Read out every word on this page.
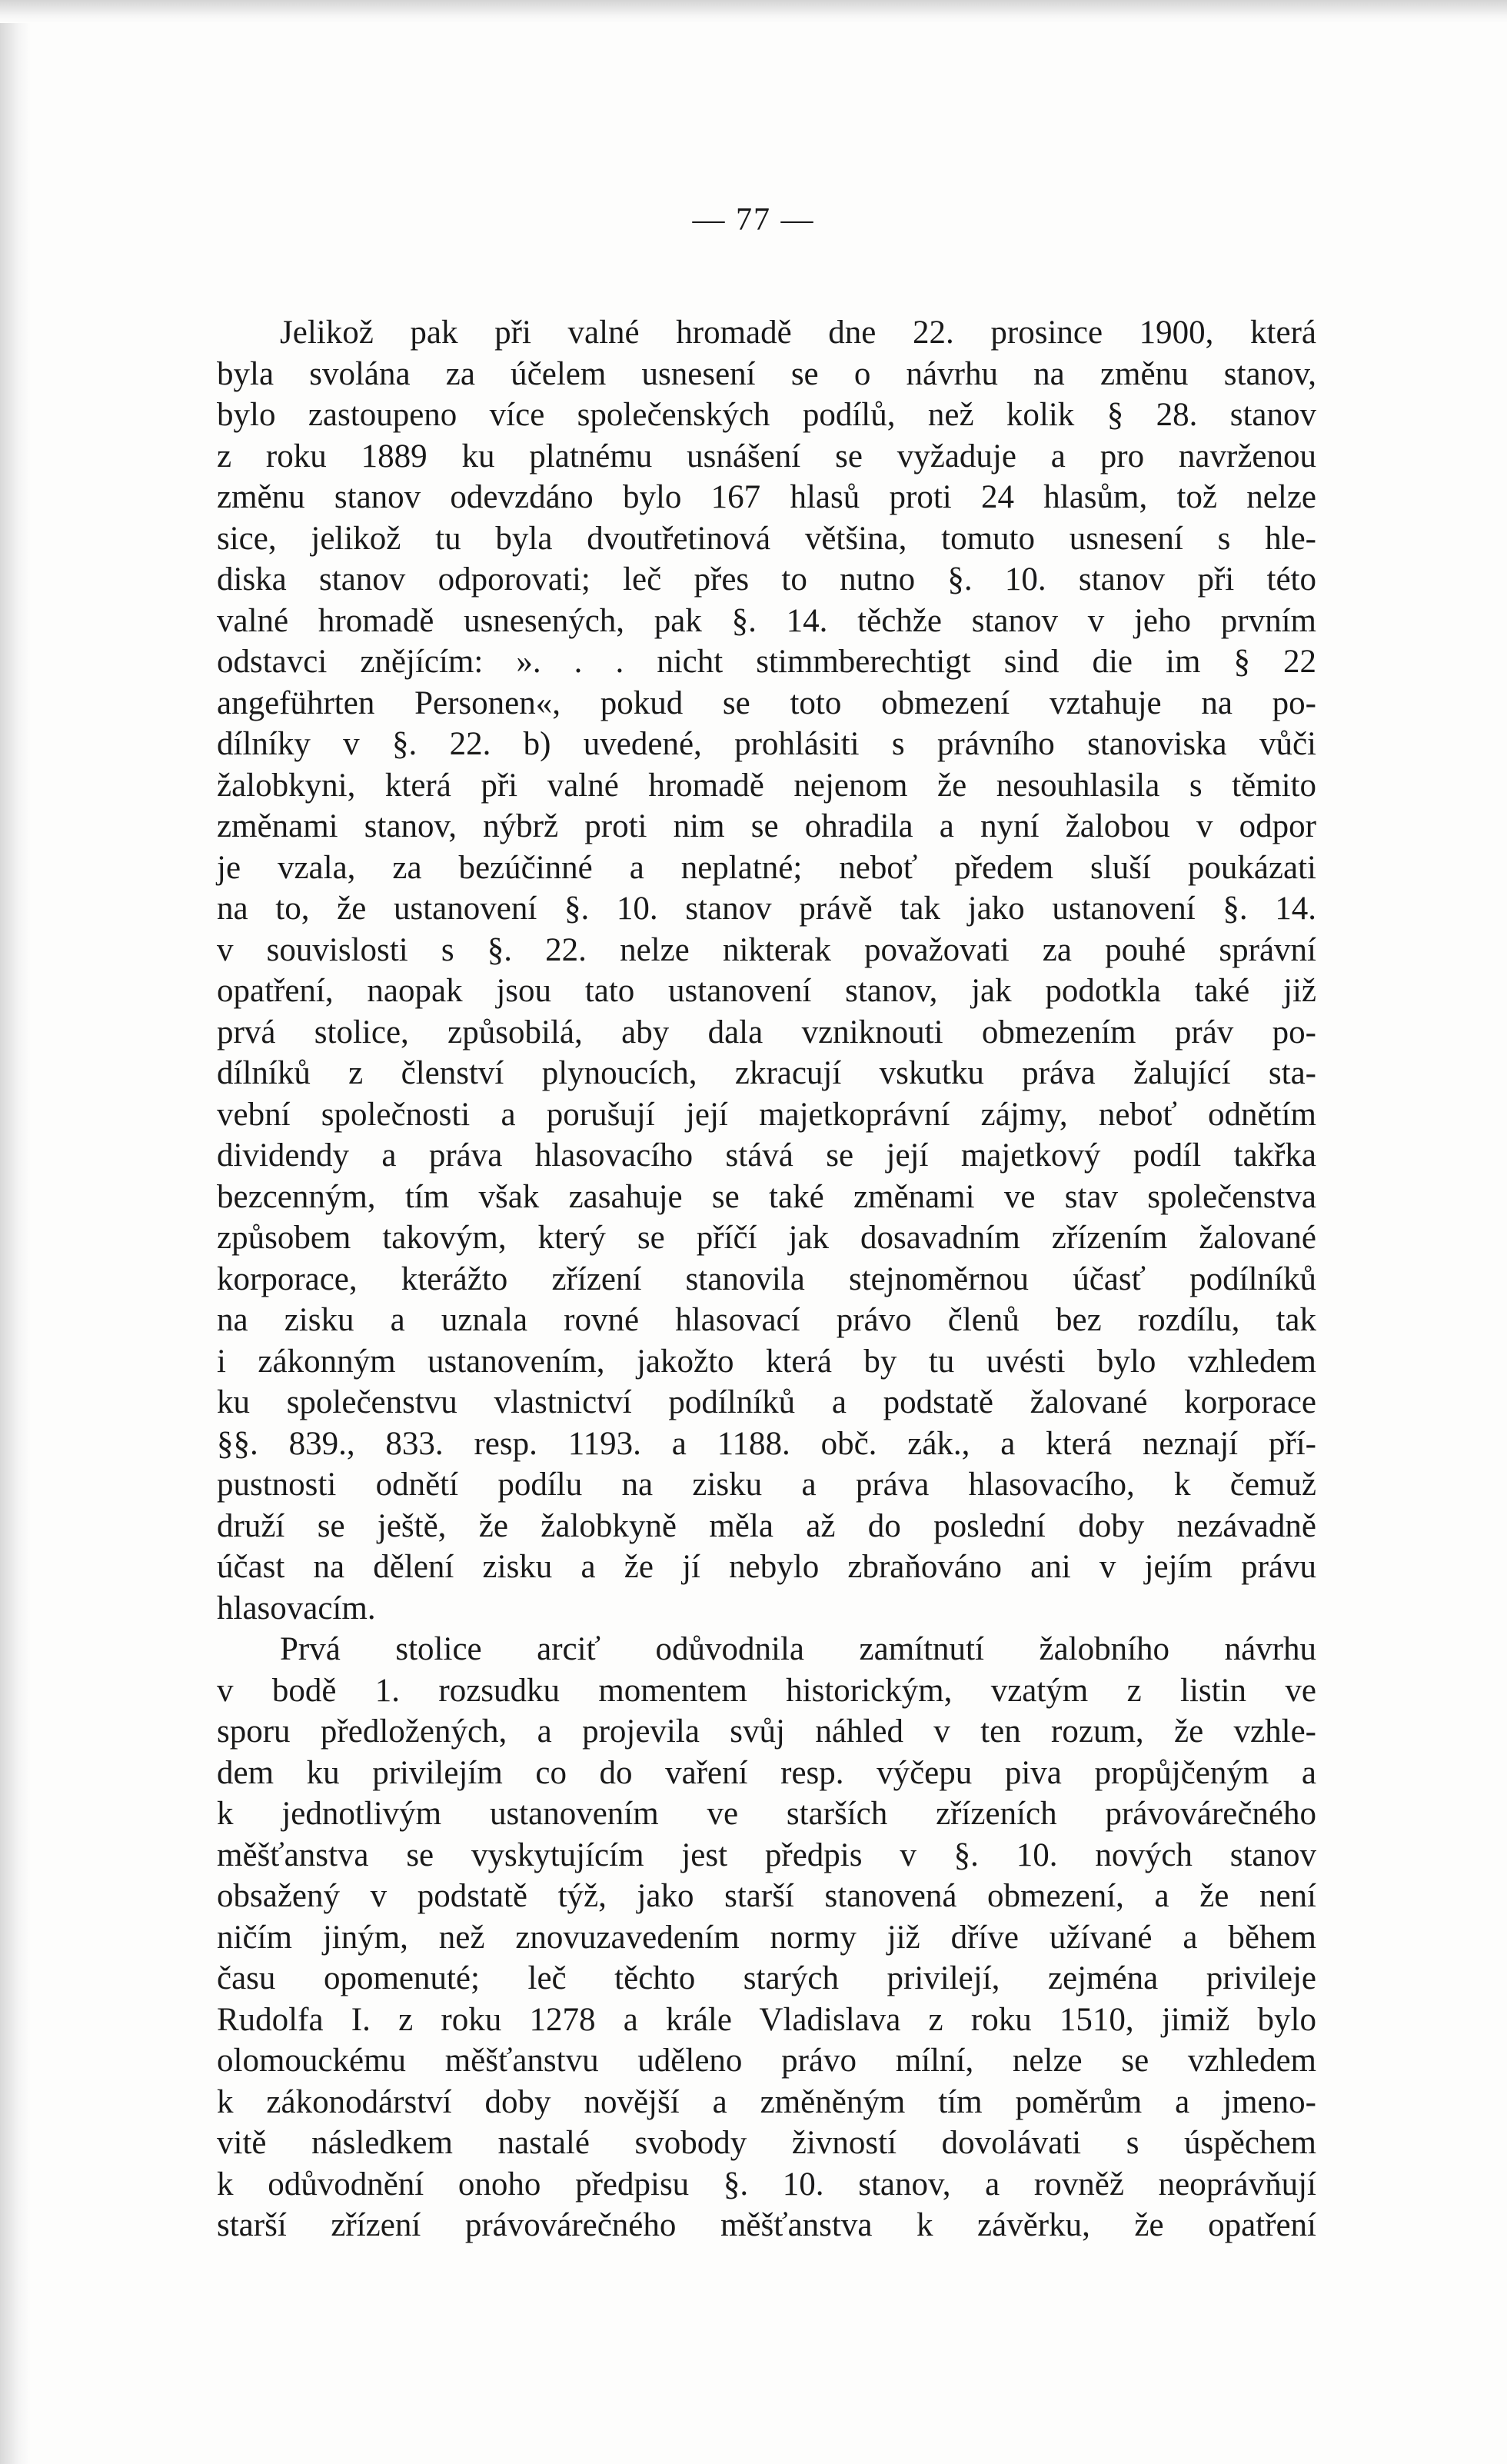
— 77 —
Jelikož pak při valné hromadě dne 22. prosince 1900, která
byla svolána za účelem usnesení se o návrhu na změnu stanov,
bylo zastoupeno více společenských podílů, než kolik § 28. stanov
z roku 1889 ku platnému usnášení se vyžaduje a pro navrženou
změnu stanov odevzdáno bylo 167 hlasů proti 24 hlasům, tož nelze
sice, jelikož tu byla dvoutřetinová většina, tomuto usnesení s hle-
diska stanov odporovati; leč přes to nutno §. 10. stanov při této
valné hromadě usnesených, pak §. 14. těchže stanov v jeho prvním
odstavci znějícím: ». . . nicht stimmberechtigt sind die im § 22
angeführten Personen«, pokud se toto obmezení vztahuje na po-
dílníky v §. 22. b) uvedené, prohlásiti s právního stanoviska vůči
žalobkyni, která při valné hromadě nejenom že nesouhlasila s těmito
změnami stanov, nýbrž proti nim se ohradila a nyní žalobou v odpor
je vzala, za bezúčinné a neplatné; neboť předem sluší poukázati
na to, že ustanovení §. 10. stanov právě tak jako ustanovení §. 14.
v souvislosti s §. 22. nelze nikterak považovati za pouhé správní
opatření, naopak jsou tato ustanovení stanov, jak podotkla také již
prvá stolice, způsobilá, aby dala vzniknouti obmezením práv po-
dílníků z členství plynoucích, zkracují vskutku práva žalující sta-
vební společnosti a porušují její majetkoprávní zájmy, neboť odnětím
dividendy a práva hlasovacího stává se její majetkový podíl takřka
bezcenným, tím však zasahuje se také změnami ve stav společenstva
způsobem takovým, který se příčí jak dosavadním zřízením žalované
korporace, kterážto zřízení stanovila stejnoměrnou účasť podílníků
na zisku a uznala rovné hlasovací právo členů bez rozdílu, tak
i zákonným ustanovením, jakožto která by tu uvésti bylo vzhledem
ku společenstvu vlastnictví podílníků a podstatě žalované korporace
§§. 839., 833. resp. 1193. a 1188. obč. zák., a která neznají pří-
pustnosti odnětí podílu na zisku a práva hlasovacího, k čemuž
druží se ještě, že žalobkyně měla až do poslední doby nezávadně
účast na dělení zisku a že jí nebylo zbraňováno ani v jejím právu
hlasovacím.
Prvá stolice arciť odůvodnila zamítnutí žalobního návrhu
v bodě 1. rozsudku momentem historickým, vzatým z listin ve
sporu předložených, a projevila svůj náhled v ten rozum, že vzhle-
dem ku privilejím co do vaření resp. výčepu piva propůjčeným a
k jednotlivým ustanovením ve starších zřízeních právovárečného
měšťanstva se vyskytujícím jest předpis v §. 10. nových stanov
obsažený v podstatě týž, jako starší stanovená obmezení, a že není
ničím jiným, než znovuzavedením normy již dříve užívané a během
času opomenuté; leč těchto starých privilejí, zejména privileje
Rudolfa I. z roku 1278 a krále Vladislava z roku 1510, jimiž bylo
olomouckému měšťanstvu uděleno právo mílní, nelze se vzhledem
k zákonodárství doby novější a změněným tím poměrům a jmeno-
vitě následkem nastalé svobody živností dovolávati s úspěchem
k odůvodnění onoho předpisu §. 10. stanov, a rovněž neoprávňují
starší zřízení právovárečného měšťanstva k závěrku, že opatření
